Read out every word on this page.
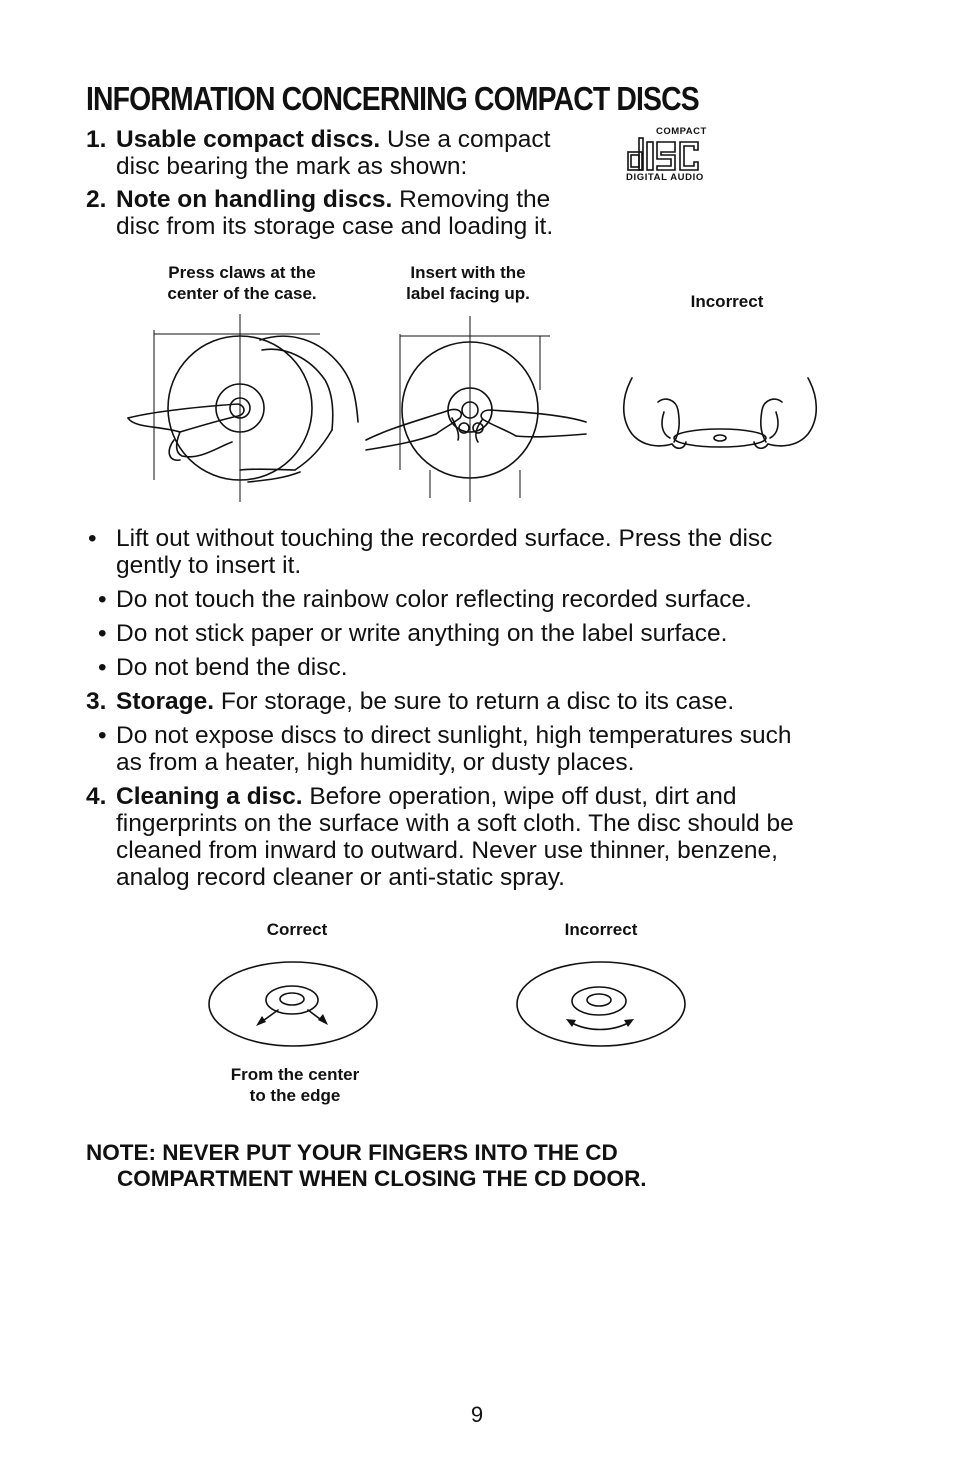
INFORMATION CONCERNING COMPACT DISCS
1. Usable compact discs. Use a compact
disc bearing the mark as shown:
COMPACT
DIGITAL AUDIO
2. Note on handling discs. Removing the
disc from its storage case and loading it.
Press claws at the
center of the case.
Insert with the
label facing up.	Incorrect
• Lift out without touching the recorded surface. Press the disc
gently to insert it.
• Do not touch the rainbow color reflecting recorded surface.
• Do not stick paper or write anything on the label surface.
• Do not bend the disc.
3. Storage. For storage, be sure to return a disc to its case.
• Do not expose discs to direct sunlight, high temperatures such
as from a heater, high humidity, or dusty places.
4. Cleaning a disc. Before operation, wipe off dust, dirt and
fingerprints on the surface with a soft cloth. The disc should be
cleaned from inward to outward. Never use thinner, benzene,
analog record cleaner or anti-static spray.
Correct	Incorrect
From the center
to the edge
NOTE: NEVER PUT YOUR FINGERS INTO THE CD
COMPARTMENT WHEN CLOSING THE CD DOOR.
9
